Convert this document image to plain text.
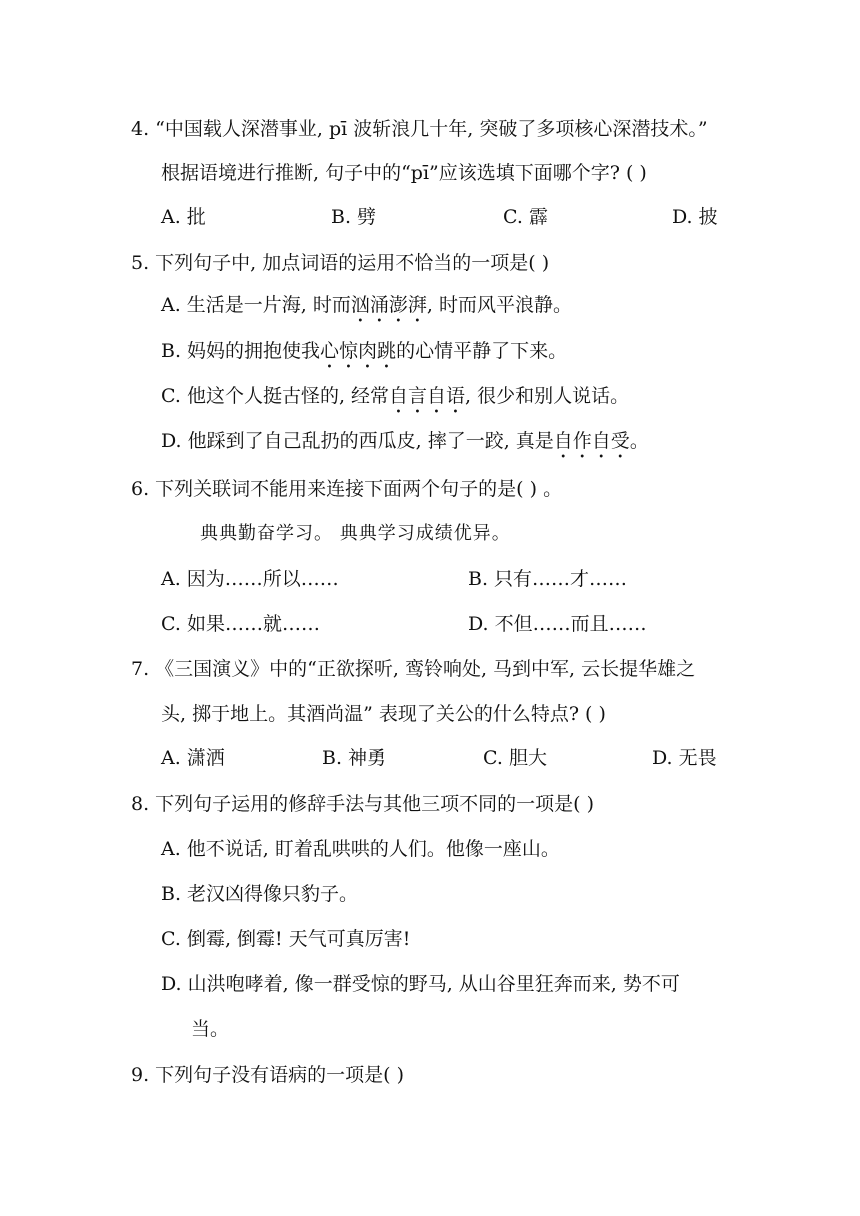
4. “中国载人深潜事业, pī 波斩浪几十年, 突破了多项核心深潜技术。”
根据语境进行推断, 句子中的“pī”应该选填下面哪个字? ( )
A. 批	B. 劈	C. 霹	D. 披
5. 下列句子中, 加点词语的运用不恰当的一项是( )
A. 生活是一片海, 时而汹涌澎湃, 时而风平浪静。
B. 妈妈的拥抱使我心惊肉跳的心情平静了下来。
C. 他这个人挺古怪的, 经常自言自语, 很少和别人说话。
D. 他踩到了自己乱扔的西瓜皮, 摔了一跤, 真是自作自受。
6. 下列关联词不能用来连接下面两个句子的是( ) 。
典典勤奋学习。 典典学习成绩优异。
A. 因为……所以……	B. 只有……才……
C. 如果……就……	D. 不但……而且……
7. 《三国演义》中的“正欲探听, 鸾铃响处, 马到中军, 云长提华雄之
头, 掷于地上。其酒尚温” 表现了关公的什么特点? ( )
A. 潇洒	B. 神勇	C. 胆大	D. 无畏
8. 下列句子运用的修辞手法与其他三项不同的一项是( )
A. 他不说话, 盯着乱哄哄的人们。他像一座山。
B. 老汉凶得像只豹子。
C. 倒霉, 倒霉! 天气可真厉害!
D. 山洪咆哮着, 像一群受惊的野马, 从山谷里狂奔而来, 势不可
当。
9. 下列句子没有语病的一项是( )
